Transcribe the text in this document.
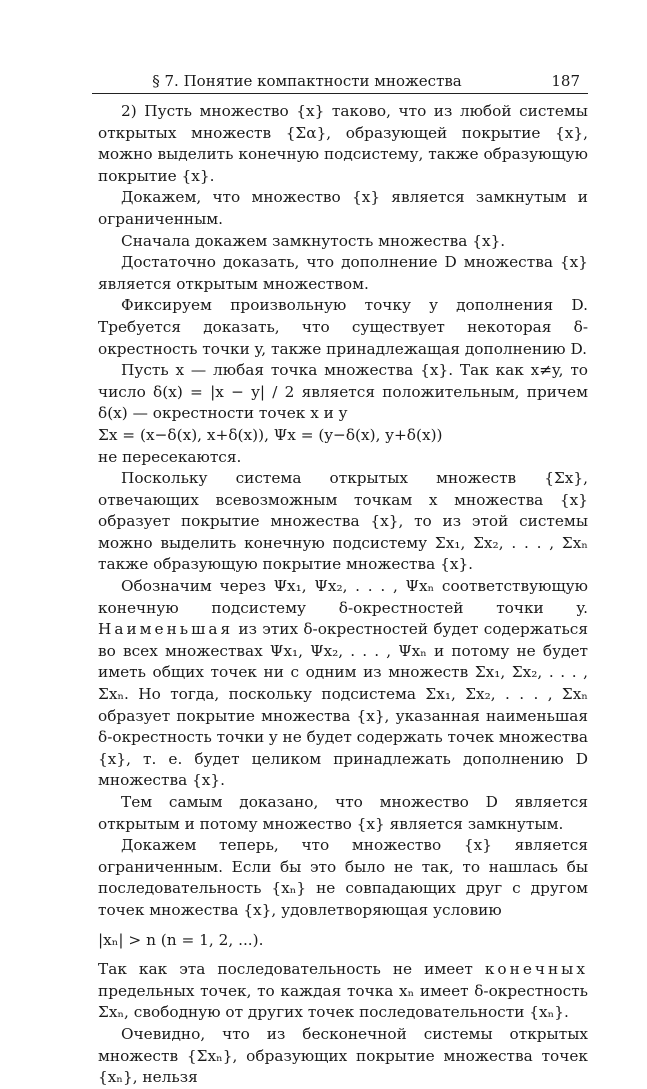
§ 7. Понятие компактности множества	187

2) Пусть множество {x} таково, что из любой системы открытых множеств {Σα}, образующей покрытие {x}, можно выделить конечную подсистему, также образующую покрытие {x}.

Докажем, что множество {x} является замкнутым и ограниченным.

Сначала докажем замкнутость множества {x}.

Достаточно доказать, что дополнение D множества {x} является открытым множеством.

Фиксируем произвольную точку y дополнения D. Требуется доказать, что существует некоторая δ-окрестность точки y, также принадлежащая дополнению D.

Пусть x — любая точка множества {x}. Так как x≠y, то число δ(x) = |x − y| / 2 является положительным, причем δ(x) — окрестности точек x и y

Σx = (x−δ(x), x+δ(x)), Ψx = (y−δ(x), y+δ(x))

не пересекаются.

Поскольку система открытых множеств {Σx}, отвечающих всевозможным точкам x множества {x} образует покрытие множества {x}, то из этой системы можно выделить конечную подсистему Σx₁, Σx₂, . . . , Σxₙ также образующую покрытие множества {x}.

Обозначим через Ψx₁, Ψx₂, . . . , Ψxₙ соответствующую конечную подсистему δ-окрестностей точки y. Наименьшая из этих δ-окрестностей будет содержаться во всех множествах Ψx₁, Ψx₂, . . . , Ψxₙ и потому не будет иметь общих точек ни с одним из множеств Σx₁, Σx₂, . . . , Σxₙ. Но тогда, поскольку подсистема Σx₁, Σx₂, . . . , Σxₙ образует покрытие множества {x}, указанная наименьшая δ-окрестность точки y не будет содержать точек множества {x}, т. е. будет целиком принадлежать дополнению D множества {x}.

Тем самым доказано, что множество D является открытым и потому множество {x} является замкнутым.

Докажем теперь, что множество {x} является ограниченным. Если бы это было не так, то нашлась бы последовательность {xₙ} не совпадающих друг с другом точек множества {x}, удовлетворяющая условию

|xₙ| > n (n = 1, 2, ...).

Так как эта последовательность не имеет конечных предельных точек, то каждая точка xₙ имеет δ-окрестность Σxₙ, свободную от других точек последовательности {xₙ}.

Очевидно, что из бесконечной системы открытых множеств {Σxₙ}, образующих покрытие множества точек {xₙ}, нельзя
